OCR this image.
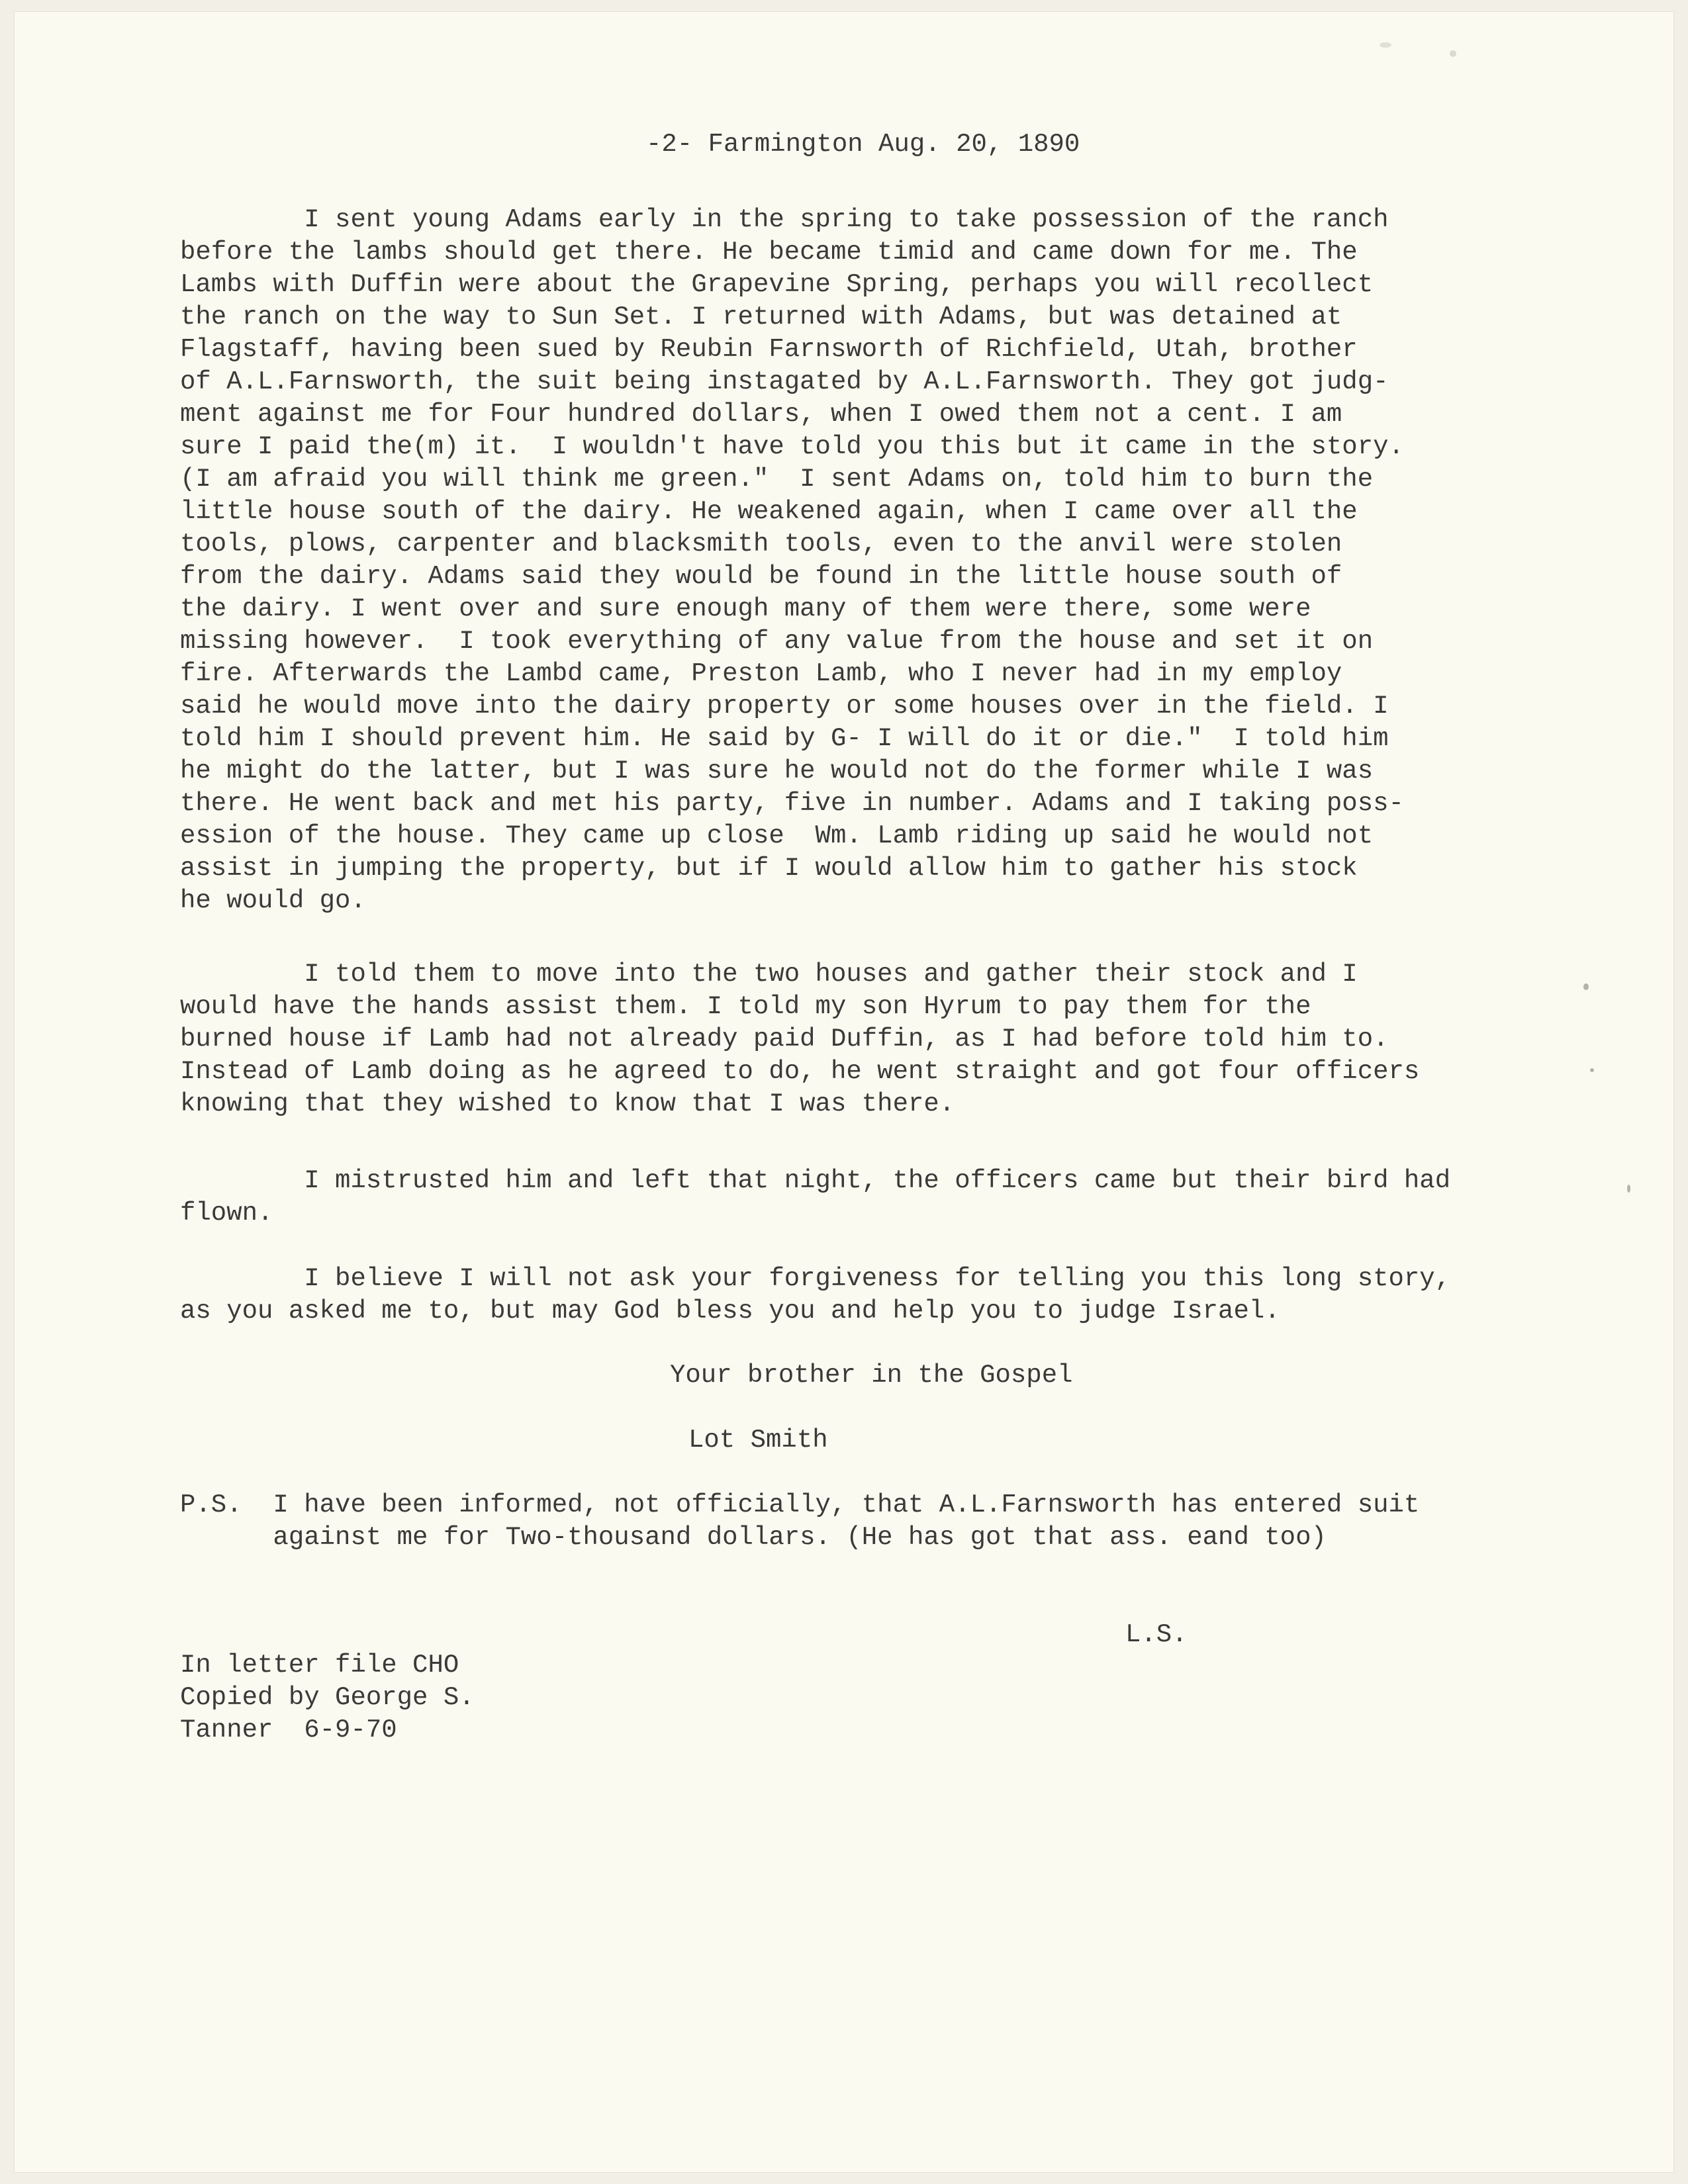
-2- Farmington Aug. 20, 1890

I sent young Adams early in the spring to take possession of the ranch
before the lambs should get there. He became timid and came down for me. The
Lambs with Duffin were about the Grapevine Spring, perhaps you will recollect
the ranch on the way to Sun Set. I returned with Adams, but was detained at
Flagstaff, having been sued by Reubin Farnsworth of Richfield, Utah, brother
of A.L.Farnsworth, the suit being instagated by A.L.Farnsworth. They got judg-
ment against me for Four hundred dollars, when I owed them not a cent. I am
sure I paid the(m) it.  I wouldn't have told you this but it came in the story.
(I am afraid you will think me green."  I sent Adams on, told him to burn the
little house south of the dairy. He weakened again, when I came over all the
tools, plows, carpenter and blacksmith tools, even to the anvil were stolen
from the dairy. Adams said they would be found in the little house south of
the dairy. I went over and sure enough many of them were there, some were
missing however.  I took everything of any value from the house and set it on
fire. Afterwards the Lambd came, Preston Lamb, who I never had in my employ
said he would move into the dairy property or some houses over in the field. I
told him I should prevent him. He said by G- I will do it or die."  I told him
he might do the latter, but I was sure he would not do the former while I was
there. He went back and met his party, five in number. Adams and I taking poss-
ession of the house. They came up close  Wm. Lamb riding up said he would not
assist in jumping the property, but if I would allow him to gather his stock
he would go.

I told them to move into the two houses and gather their stock and I
would have the hands assist them. I told my son Hyrum to pay them for the
burned house if Lamb had not already paid Duffin, as I had before told him to.
Instead of Lamb doing as he agreed to do, he went straight and got four officers
knowing that they wished to know that I was there.

I mistrusted him and left that night, the officers came but their bird had
flown.

I believe I will not ask your forgiveness for telling you this long story,
as you asked me to, but may God bless you and help you to judge Israel.

Your brother in the Gospel

Lot Smith

P.S.  I have been informed, not officially, that A.L.Farnsworth has entered suit
against me for Two-thousand dollars. (He has got that ass. eand too)

L.S.

In letter file CHO
Copied by George S.
Tanner  6-9-70
